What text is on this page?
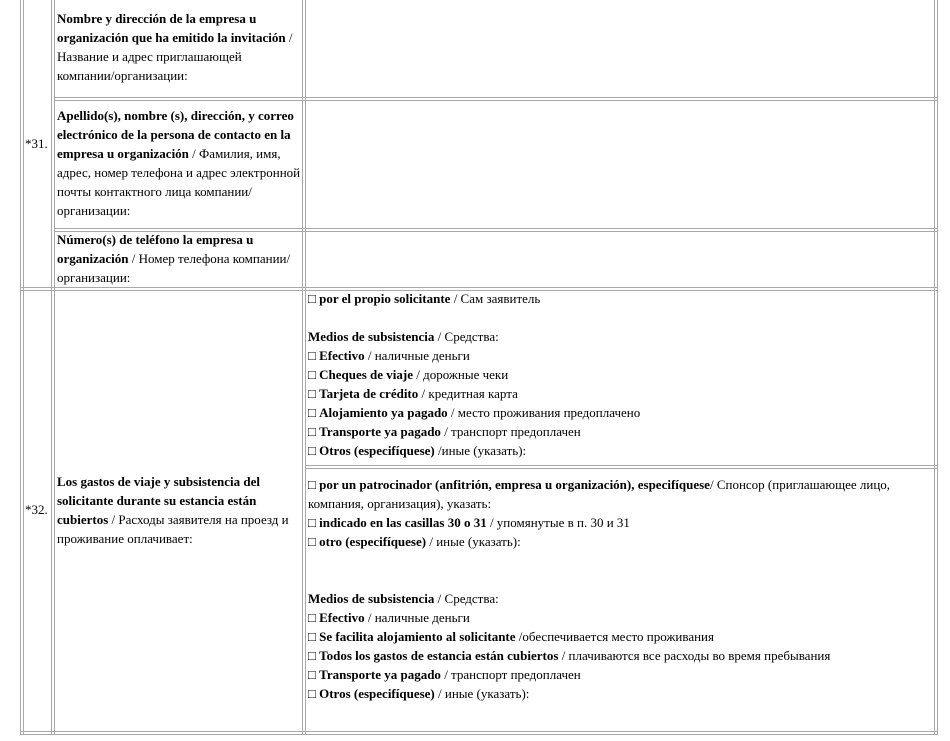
*31.
Nombre y dirección de la empresa u organización que ha emitido la invitación / Название и адрес приглашающей компании/организации:
Apellido(s), nombre (s), dirección, y correo electrónico de la persona de contacto en la empresa u organización / Фамилия, имя, адрес, номер телефона и адрес электронной почты контактного лица компании/организации:
Número(s) de teléfono la empresa u organización / Номер телефона компании/организации:
*32.
Los gastos de viaje y subsistencia del solicitante durante su estancia están cubiertos / Расходы заявителя на проезд и проживание оплачивает:
□ por el propio solicitante / Сам заявитель
Medios de subsistencia / Средства:
□ Efectivo / наличные деньги
□ Cheques de viaje / дорожные чеки
□ Tarjeta de crédito / кредитная карта
□ Alojamiento ya pagado / место проживания предоплачено
□ Transporte ya pagado / транспорт предоплачен
□ Otros (especifíquese) /иные (указать):
□ por un patrocinador (anfitrión, empresa u organización), especifíquese/ Спонсор (приглашающее лицо, компания, организация), указать:
□ indicado en las casillas 30 o 31 / упомянутые в п. 30 и 31
□ otro (especifíquese) / иные (указать):
Medios de subsistencia / Средства:
□ Efectivo / наличные деньги
□ Se facilita alojamiento al solicitante /обеспечивается место проживания
□ Todos los gastos de estancia están cubiertos / плачиваются все расходы во время пребывания
□ Transporte ya pagado / транспорт предоплачен
□ Otros (especifíquese) / иные (указать):
